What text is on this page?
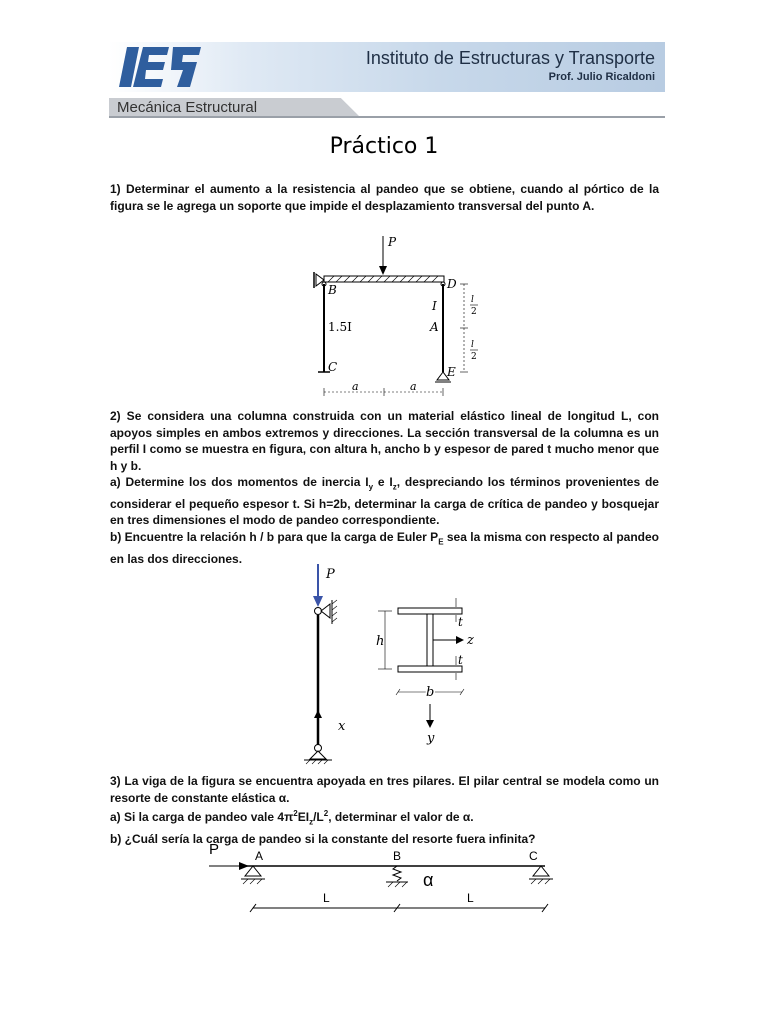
Instituto de Estructuras y Transporte
Prof. Julio Ricaldoni
Mecánica Estructural
Práctico 1

1) Determinar el aumento a la resistencia al pandeo que se obtiene, cuando al pórtico de la figura se le agrega un soporte que impide el desplazamiento transversal del punto A.

P
B	D
I
A
1.5I
C	E
l
2
l
2
a	a

2) Se considera una columna construida con un material elástico lineal de longitud L, con apoyos simples en ambos extremos y direcciones. La sección transversal de la columna es un perfil I como se muestra en figura, con altura h, ancho b y espesor de pared t mucho menor que h y b.

a) Determine los dos momentos de inercia $I_y$ e $I_z$, despreciando los términos provenientes de considerar el pequeño espesor t. Si h=2b, determinar la carga de crítica de pandeo y bosquejar en tres dimensiones el modo de pandeo correspondiente.

b) Encuentre la relación h / b para que la carga de Euler $P_E$ sea la misma con respecto al pandeo en las dos direcciones.

P
x
h
t
t
z
b
y

3) La viga de la figura se encuentra apoyada en tres pilares. El pilar central se modela como un resorte de constante elástica α.

a) Si la carga de pandeo vale $4\pi^2EI_z/L^2$, determinar el valor de α.

b) ¿Cuál sería la carga de pandeo si la constante del resorte fuera infinita?

P	A	B	C
α
L	L
